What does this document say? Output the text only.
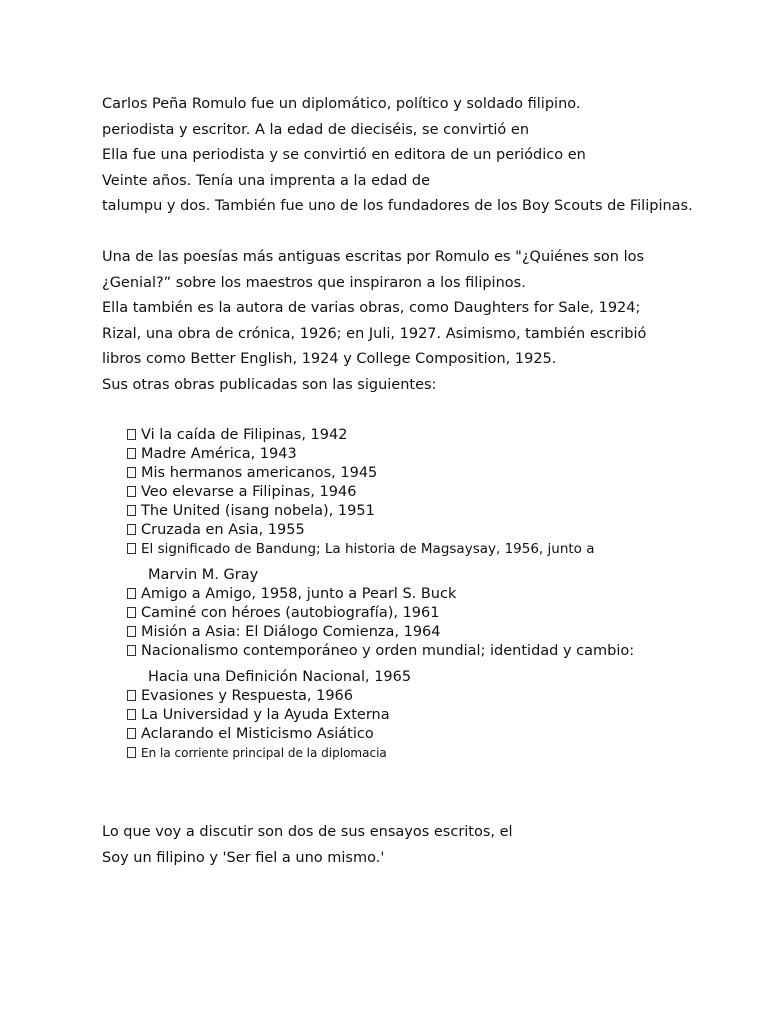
Carlos Peña Romulo fue un diplomático, político y soldado filipino.
periodista y escritor. A la edad de dieciséis, se convirtió en
Ella fue una periodista y se convirtió en editora de un periódico en
Veinte años. Tenía una imprenta a la edad de
talumpu y dos. También fue uno de los fundadores de los Boy Scouts de Filipinas.

Una de las poesías más antiguas escritas por Romulo es "¿Quiénes son los
¿Genial?” sobre los maestros que inspiraron a los filipinos.
Ella también es la autora de varias obras, como Daughters for Sale, 1924;
Rizal, una obra de crónica, 1926; en Juli, 1927. Asimismo, también escribió
libros como Better English, 1924 y College Composition, 1925.
Sus otras obras publicadas son las siguientes:

Vi la caída de Filipinas, 1942
Madre América, 1943
Mis hermanos americanos, 1945
Veo elevarse a Filipinas, 1946
The United (isang nobela), 1951
Cruzada en Asia, 1955
El significado de Bandung; La historia de Magsaysay, 1956, junto a
Marvin M. Gray
Amigo a Amigo, 1958, junto a Pearl S. Buck
Caminé con héroes (autobiografía), 1961
Misión a Asia: El Diálogo Comienza, 1964
Nacionalismo contemporáneo y orden mundial; identidad y cambio:
Hacia una Definición Nacional, 1965
Evasiones y Respuesta, 1966
La Universidad y la Ayuda Externa
Aclarando el Misticismo Asiático
En la corriente principal de la diplomacia

Lo que voy a discutir son dos de sus ensayos escritos, el
Soy un filipino y 'Ser fiel a uno mismo.'
